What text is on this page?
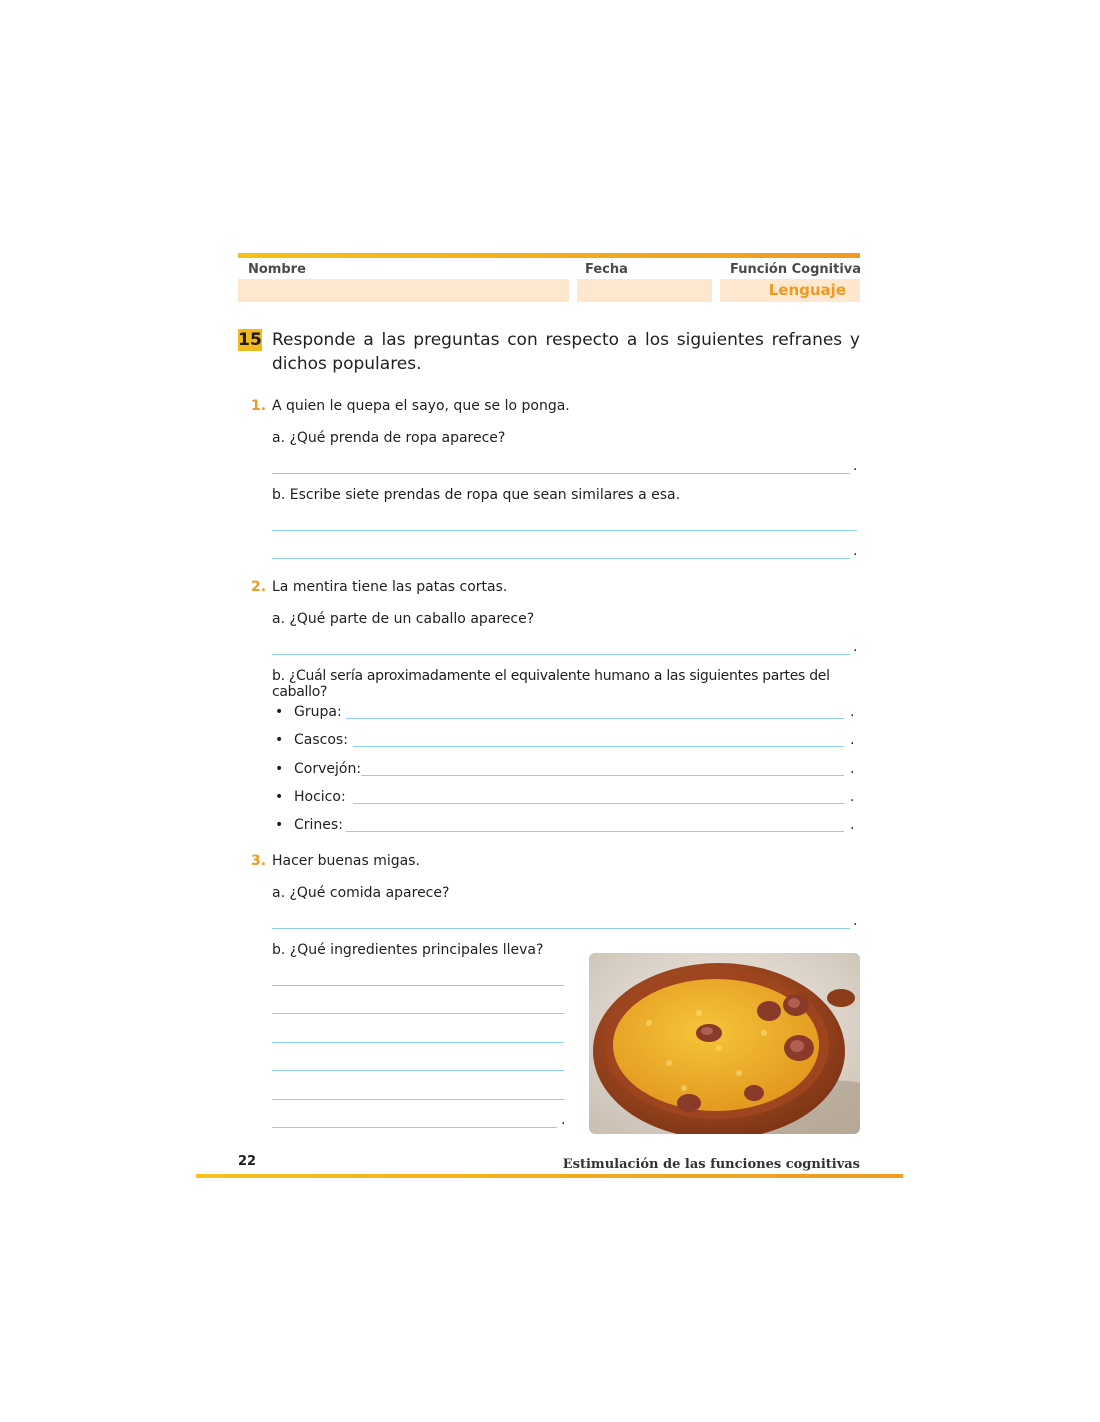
Nombre	Fecha	Función Cognitiva
Lenguaje
15 Responde a las preguntas con respecto a los siguientes refranes y dichos populares.
1. A quien le quepa el sayo, que se lo ponga.
a. ¿Qué prenda de ropa aparece?
.
b. Escribe siete prendas de ropa que sean similares a esa.
.
2. La mentira tiene las patas cortas.
a. ¿Qué parte de un caballo aparece?
.
b. ¿Cuál sería aproximadamente el equivalente humano a las siguientes partes del caballo?
• Grupa:	.
• Cascos:	.
• Corvejón:	.
• Hocico:	.
• Crines:	.
3. Hacer buenas migas.
a. ¿Qué comida aparece?
.
b. ¿Qué ingredientes principales lleva?
.
22	Estimulación de las funciones cognitivas
